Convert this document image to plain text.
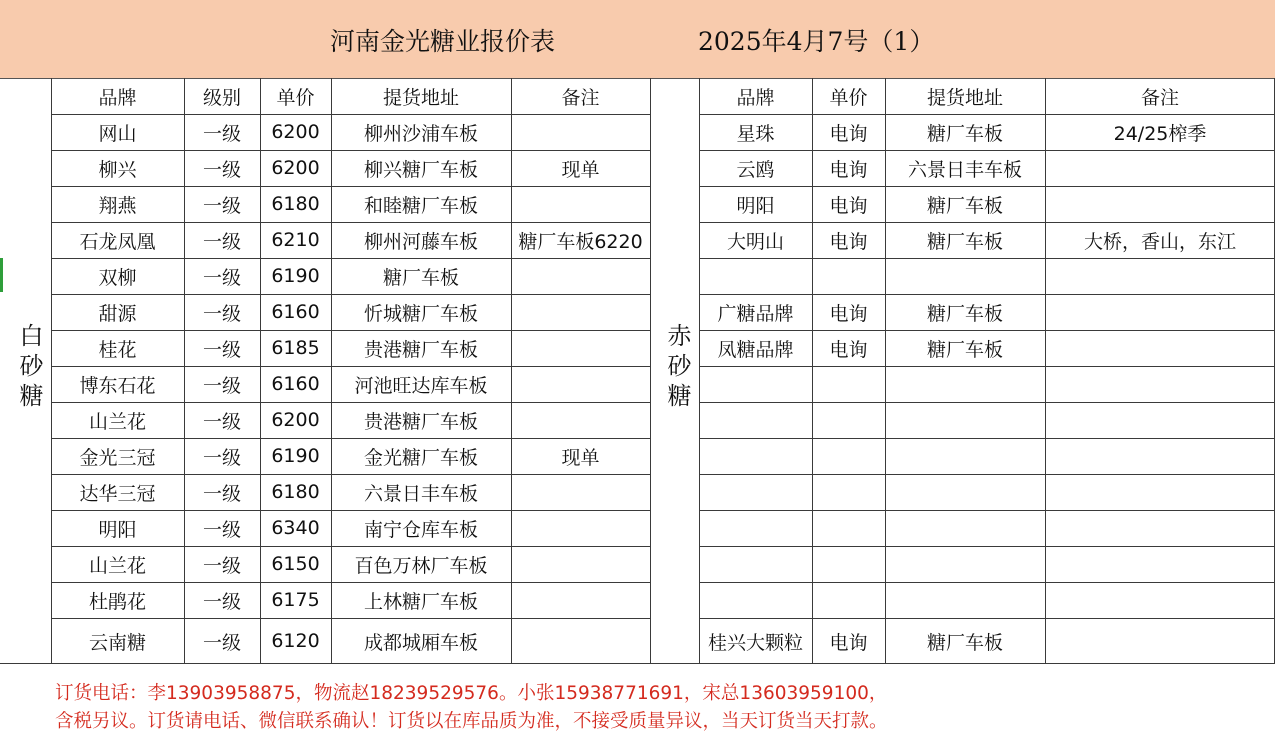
河南金光糖业报价表	2025年4月7号（1）
白砂糖	赤砂糖
品牌	级别	单价	提货地址	备注
网山	一级	6200	柳州沙浦车板
柳兴	一级	6200	柳兴糖厂车板	现单
翔燕	一级	6180	和睦糖厂车板
石龙凤凰	一级	6210	柳州河藤车板	糖厂车板6220
双柳	一级	6190	糖厂车板
甜源	一级	6160	忻城糖厂车板
桂花	一级	6185	贵港糖厂车板
博东石花	一级	6160	河池旺达库车板
山兰花	一级	6200	贵港糖厂车板
金光三冠	一级	6190	金光糖厂车板	现单
达华三冠	一级	6180	六景日丰车板
明阳	一级	6340	南宁仓库车板
山兰花	一级	6150	百色万林厂车板
杜鹃花	一级	6175	上林糖厂车板
云南糖	一级	6120	成都城厢车板
品牌	单价	提货地址	备注
星珠	电询	糖厂车板	24/25榨季
云鸥	电询	六景日丰车板
明阳	电询	糖厂车板
大明山	电询	糖厂车板	大桥，香山，东江
广糖品牌	电询	糖厂车板
凤糖品牌	电询	糖厂车板
桂兴大颗粒	电询	糖厂车板
订货电话：李13903958875，物流赵18239529576。小张15938771691，宋总13603959100，
含税另议。订货请电话、微信联系确认！订货以在库品质为准，不接受质量异议，当天订货当天打款。
